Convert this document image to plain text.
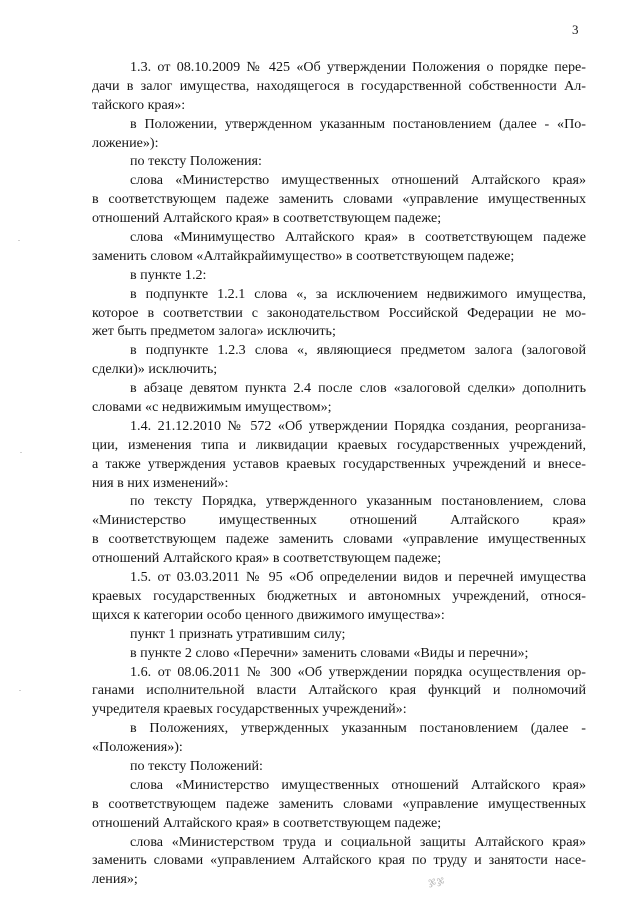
3
1.3. от 08.10.2009 № 425 «Об утверждении Положения о порядке пере-
дачи в залог имущества, находящегося в государственной собственности Ал-
тайского края»:
в Положении, утвержденном указанным постановлением (далее - «По-
ложение»):
по тексту Положения:
слова «Министерство имущественных отношений Алтайского края»
в соответствующем падеже заменить словами «управление имущественных
отношений Алтайского края» в соответствующем падеже;
слова «Минимущество Алтайского края» в соответствующем падеже
заменить словом «Алтайкрайимущество» в соответствующем падеже;
в пункте 1.2:
в подпункте 1.2.1 слова «, за исключением недвижимого имущества,
которое в соответствии с законодательством Российской Федерации не мо-
жет быть предметом залога» исключить;
в подпункте 1.2.3 слова «, являющиеся предметом залога (залоговой
сделки)» исключить;
в абзаце девятом пункта 2.4 после слов «залоговой сделки» дополнить
словами «с недвижимым имуществом»;
1.4. 21.12.2010 № 572 «Об утверждении Порядка создания, реорганиза-
ции, изменения типа и ликвидации краевых государственных учреждений,
а также утверждения уставов краевых государственных учреждений и внесе-
ния в них изменений»:
по тексту Порядка, утвержденного указанным постановлением, слова
«Министерство имущественных отношений Алтайского края»
в соответствующем падеже заменить словами «управление имущественных
отношений Алтайского края» в соответствующем падеже;
1.5. от 03.03.2011 № 95 «Об определении видов и перечней имущества
краевых государственных бюджетных и автономных учреждений, относя-
щихся к категории особо ценного движимого имущества»:
пункт 1 признать утратившим силу;
в пункте 2 слово «Перечни» заменить словами «Виды и перечни»;
1.6. от 08.06.2011 № 300 «Об утверждении порядка осуществления ор-
ганами исполнительной власти Алтайского края функций и полномочий
учредителя краевых государственных учреждений»:
в Положениях, утвержденных указанным постановлением (далее -
«Положения»):
по тексту Положений:
слова «Министерство имущественных отношений Алтайского края»
в соответствующем падеже заменить словами «управление имущественных
отношений Алтайского края» в соответствующем падеже;
слова «Министерством труда и социальной защиты Алтайского края»
заменить словами «управлением Алтайского края по труду и занятости насе-
ления»;	ჯჯ
